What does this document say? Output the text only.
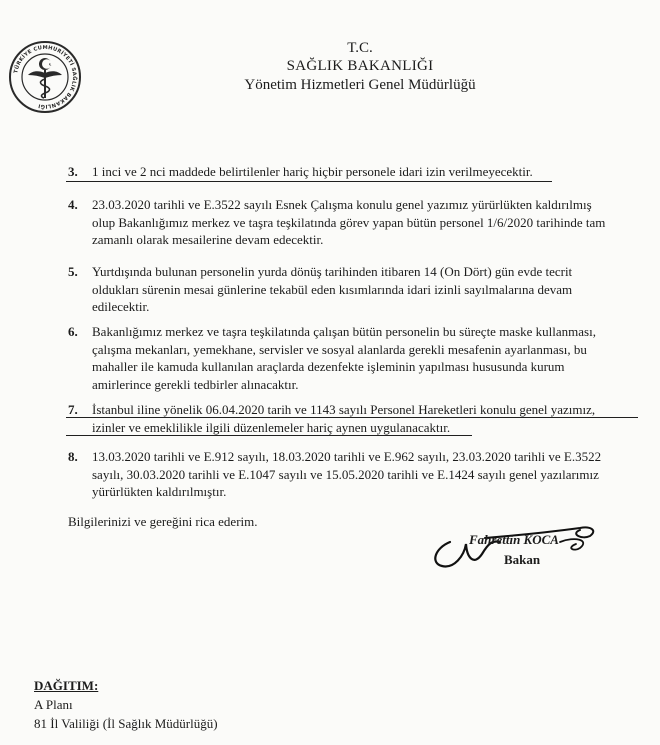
TÜRKİYE CUMHURİYETİ SAĞLIK BAKANLIĞI
T.C.
SAĞLIK BAKANLIĞI
Yönetim Hizmetleri Genel Müdürlüğü
3. 1 inci ve 2 nci maddede belirtilenler hariç hiçbir personele idari izin verilmeyecektir.
4. 23.03.2020 tarihli ve E.3522 sayılı Esnek Çalışma konulu genel yazımız yürürlükten kaldırılmış
olup Bakanlığımız merkez ve taşra teşkilatında görev yapan bütün personel 1/6/2020 tarihinde tam
zamanlı olarak mesailerine devam edecektir.
5. Yurtdışında bulunan personelin yurda dönüş tarihinden itibaren 14 (On Dört) gün evde tecrit
oldukları sürenin mesai günlerine tekabül eden kısımlarında idari izinli sayılmalarına devam
edilecektir.
6. Bakanlığımız merkez ve taşra teşkilatında çalışan bütün personelin bu süreçte maske kullanması,
çalışma mekanları, yemekhane, servisler ve sosyal alanlarda gerekli mesafenin ayarlanması, bu
mahaller ile kamuda kullanılan araçlarda dezenfekte işleminin yapılması hususunda kurum
amirlerince gerekli tedbirler alınacaktır.
7. İstanbul iline yönelik 06.04.2020 tarih ve 1143 sayılı Personel Hareketleri konulu genel yazımız,
izinler ve emeklilikle ilgili düzenlemeler hariç aynen uygulanacaktır.
8. 13.03.2020 tarihli ve E.912 sayılı, 18.03.2020 tarihli ve E.962 sayılı, 23.03.2020 tarihli ve E.3522
sayılı, 30.03.2020 tarihli ve E.1047 sayılı ve 15.05.2020 tarihli ve E.1424 sayılı genel yazılarımız
yürürlükten kaldırılmıştır.
Bilgilerinizi ve gereğini rica ederim.
Fahrettin KOCA
Bakan
DAĞITIM:
A Planı
81 İl Valiliği (İl Sağlık Müdürlüğü)
